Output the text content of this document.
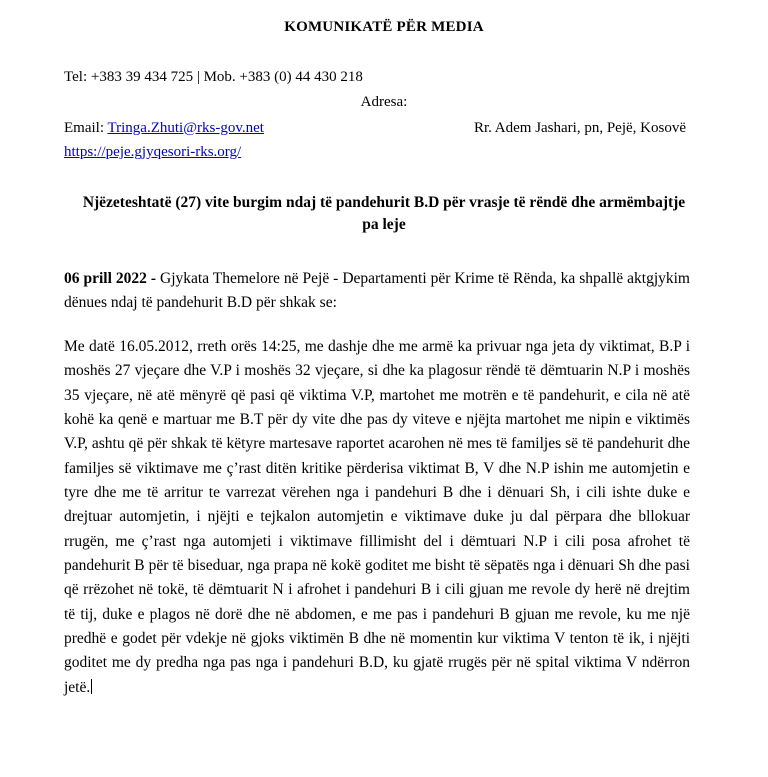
KOMUNIKATË PËR MEDIA
Tel: +383 39 434 725 | Mob. +383 (0) 44 430 218
Adresa:
Email: Tringa.Zhuti@rks-gov.net	Rr. Adem Jashari, pn, Pejë, Kosovë
https://peje.gjyqesori-rks.org/
Njëzeteshtatë (27) vite burgim ndaj të pandehurit B.D për vrasje të rëndë dhe armëmbajtje pa leje

06 prill 2022 - Gjykata Themelore në Pejë - Departamenti për Krime të Rënda, ka shpallë aktgjykim dënues ndaj të pandehurit B.D për shkak se:

Me datë 16.05.2012, rreth orës 14:25, me dashje dhe me armë ka privuar nga jeta dy viktimat, B.P i moshës 27 vjeçare dhe V.P i moshës 32 vjeçare, si dhe ka plagosur rëndë të dëmtuarin N.P i moshës 35 vjeçare, në atë mënyrë që pasi që viktima V.P, martohet me motrën e të pandehurit, e cila në atë kohë ka qenë e martuar me B.T për dy vite dhe pas dy viteve e njëjta martohet me nipin e viktimës V.P, ashtu që për shkak të këtyre martesave raportet acarohen në mes të familjes së të pandehurit dhe familjes së viktimave me ç’rast ditën kritike përderisa viktimat B, V dhe N.P ishin me automjetin e tyre dhe me të arritur te varrezat vërehen nga i pandehuri B dhe i dënuari Sh, i cili ishte duke e drejtuar automjetin, i njëjti e tejkalon automjetin e viktimave duke ju dal përpara dhe bllokuar rrugën, me ç’rast nga automjeti i viktimave fillimisht del i dëmtuari N.P i cili posa afrohet të pandehurit B për të biseduar, nga prapa në kokë goditet me bisht të sëpatës nga i dënuari Sh dhe pasi që rrëzohet në tokë, të dëmtuarit N i afrohet i pandehuri B i cili gjuan me revole dy herë në drejtim të tij, duke e plagos në dorë dhe në abdomen, e me pas i pandehuri B gjuan me revole, ku me një predhë e godet për vdekje në gjoks viktimën B dhe në momentin kur viktima V tenton të ik, i njëjti goditet me dy predha nga pas nga i pandehuri B.D, ku gjatë rrugës për në spital viktima V ndërron jetë.
